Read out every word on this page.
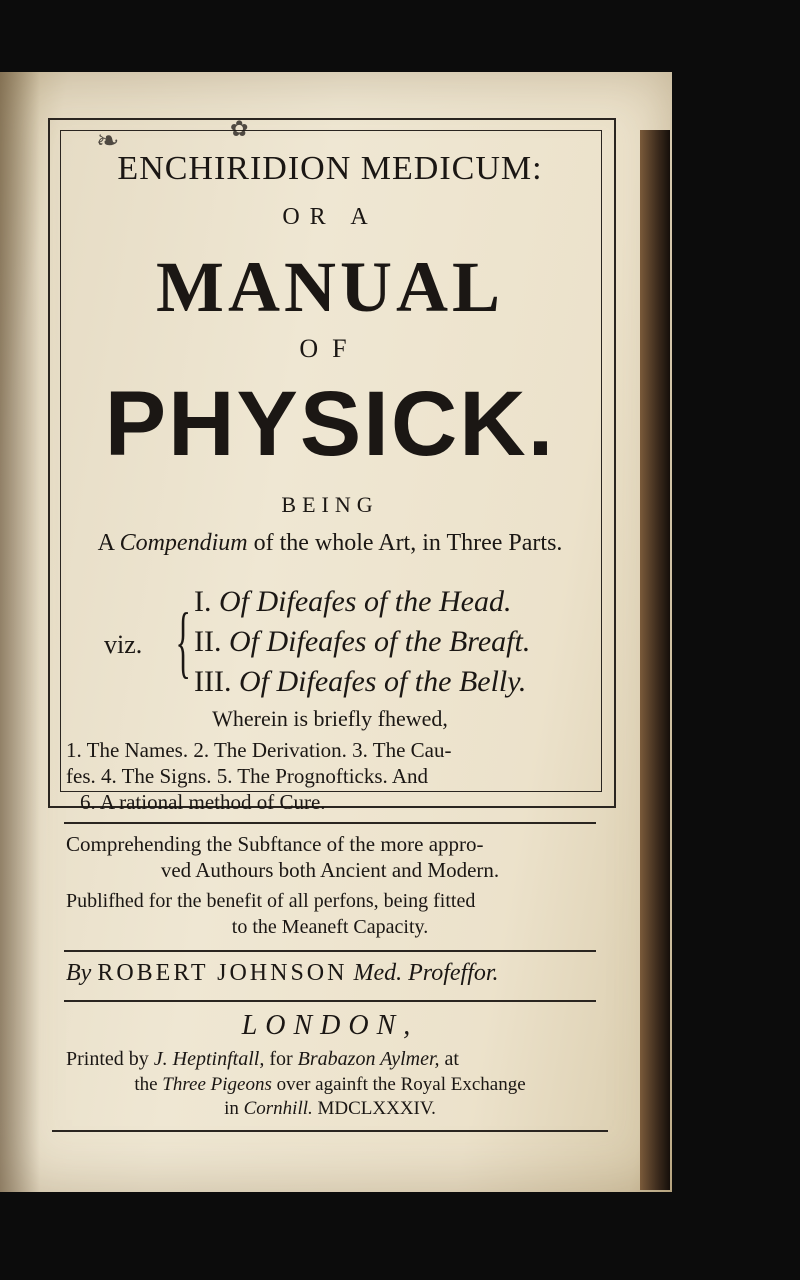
❧	✿
ENCHIRIDION MEDICUM:
OR A
MANUAL
OF
PHYSICK.
BEING
A Compendium of the whole Art, in Three Parts.
viz. { I. Of Difeafes of the Head.
II. Of Difeafes of the Breaft.
III. Of Difeafes of the Belly.
Wherein is briefly fhewed,
1. The Names. 2. The Derivation. 3. The Cau-
fes. 4. The Signs. 5. The Prognofticks. And
6. A rational method of Cure.
Comprehending the Subftance of the more appro-
ved Authours both Ancient and Modern.
Publifhed for the benefit of all perfons, being fitted
to the Meaneft Capacity.
By ROBERT JOHNSON Med. Profeffor.
LONDON,
Printed by J. Heptinftall, for Brabazon Aylmer, at
the Three Pigeons over againft the Royal Exchange
in Cornhill. MDCLXXXIV.
